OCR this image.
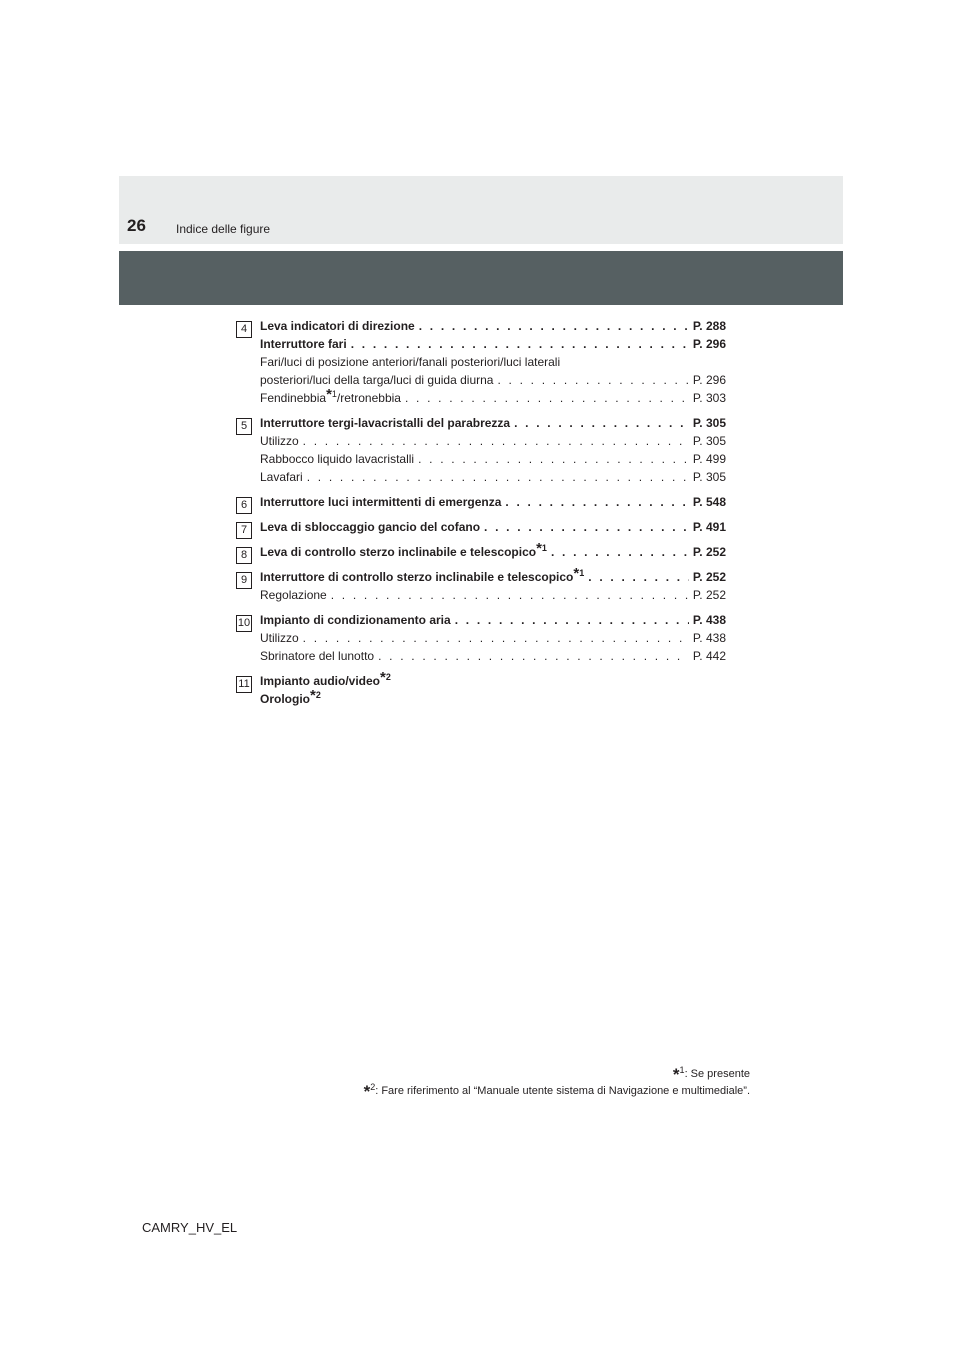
26	Indice delle figure
4	Leva indicatori di direzione . . .	P. 288
Interruttore fari . . .	P. 296
Fari/luci di posizione anteriori/fanali posteriori/luci laterali
posteriori/luci della targa/luci di guida diurna . . .	P. 296
Fendinebbia$^{*1}$/retronebbia . . .	P. 303
5	Interruttore tergi-lavacristalli del parabrezza . . .	P. 305
Utilizzo . . .	P. 305
Rabbocco liquido lavacristalli . . .	P. 499
Lavafari . . .	P. 305
6	Interruttore luci intermittenti di emergenza . . .	P. 548
7	Leva di sbloccaggio gancio del cofano . . .	P. 491
8	Leva di controllo sterzo inclinabile e telescopico$^{*1}$ . . .	P. 252
9	Interruttore di controllo sterzo inclinabile e telescopico$^{*1}$ . . .	P. 252
Regolazione . . .	P. 252
10 Impianto di condizionamento aria . . .	P. 438
Utilizzo . . .	P. 438
Sbrinatore del lunotto . . .	P. 442
11 Impianto audio/video$^{*2}$
Orologio$^{*2}$
*$^1$: Se presente
*$^2$: Fare riferimento al “Manuale utente sistema di Navigazione e multimediale”.
CAMRY_HV_EL
